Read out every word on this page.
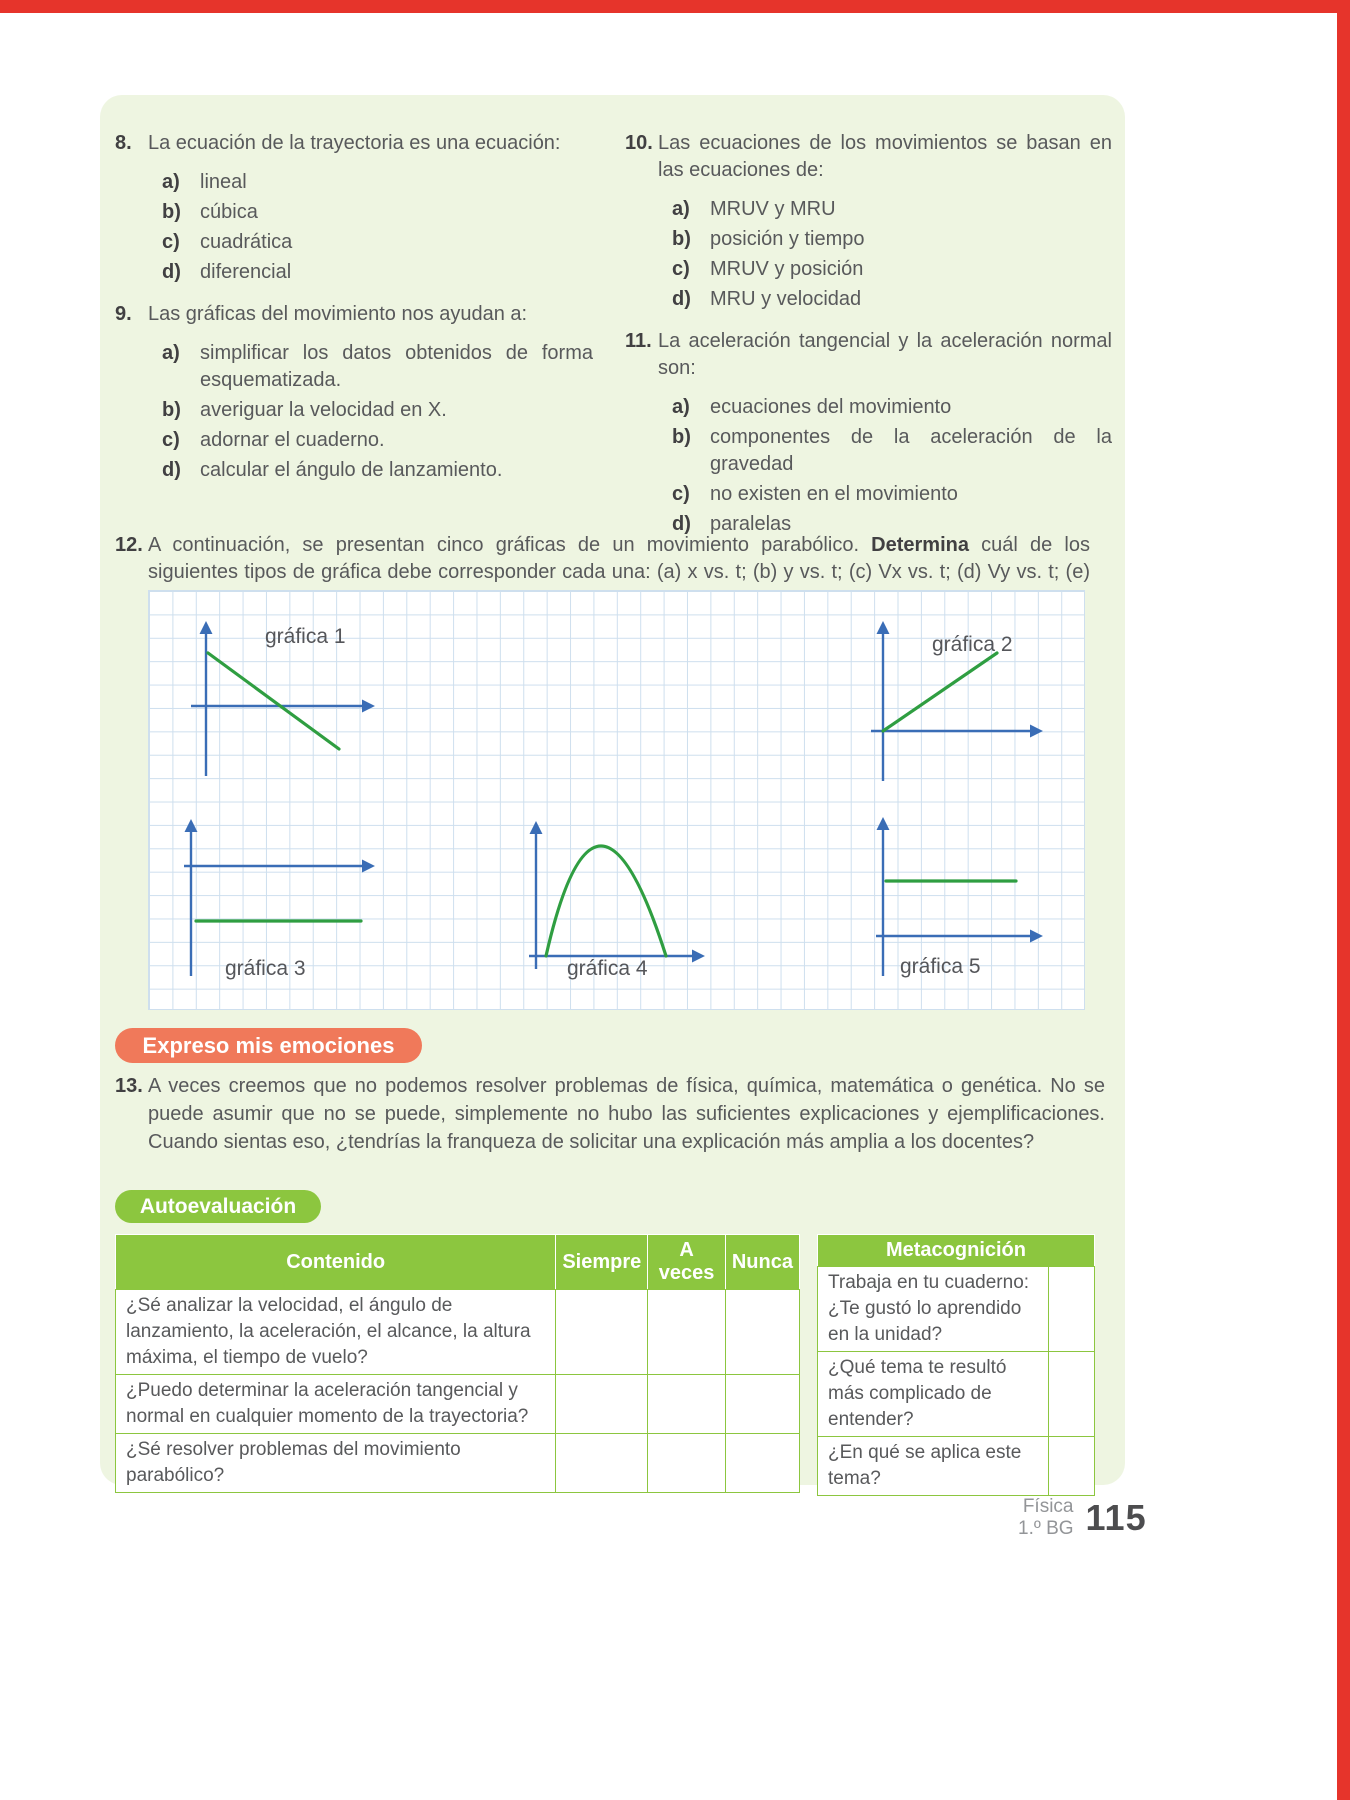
8. La ecuación de la trayectoria es una ecuación:
a)	lineal
b) cúbica
c)	cuadrática
d) diferencial
9. Las gráficas del movimiento nos ayudan a:
a)	simplificar los datos obtenidos de forma esquematizada.
b) averiguar la velocidad en X.
c)	adornar el cuaderno.
d) calcular el ángulo de lanzamiento.
10. Las ecuaciones de los movimientos se basan en las ecuaciones de:
a)	MRUV y MRU
b) posición y tiempo
c)	MRUV y posición
d) MRU y velocidad
11. La aceleración tangencial y la aceleración normal son:
a)	ecuaciones del movimiento
b) componentes de la aceleración de la gravedad
c)	no existen en el movimiento
d) paralelas
12. A continuación, se presentan cinco gráficas de un movimiento parabólico. Determina cuál de los siguientes tipos de gráfica debe corresponder cada una: (a) x vs. t; (b) y vs. t; (c) Vx vs. t; (d) Vy vs. t; (e)
gráfica 1	gráfica 2
gráfica 3	gráfica 4	gráfica 5
Expreso mis emociones
13. A veces creemos que no podemos resolver problemas de física, química, matemática o genética. No se puede asumir que no se puede, simplemente no hubo las suficientes explicaciones y ejemplificaciones. Cuando sientas eso, ¿tendrías la franqueza de solicitar una explicación más amplia a los docentes?
Autoevaluación
Contenido	Siempre	A veces	Nunca
¿Sé analizar la velocidad, el ángulo de lanzamiento, la aceleración, el alcance, la altura máxima, el tiempo de vuelo?			
¿Puedo determinar la aceleración tangencial y normal en cualquier momento de la trayectoria?			
¿Sé resolver problemas del movimiento parabólico?			
Metacognición	
Trabaja en tu cuaderno: ¿Te gustó lo aprendido en la unidad?	
¿Qué tema te resultó más complicado de entender?	
¿En qué se aplica este tema?	
Física
1.º BG 115
